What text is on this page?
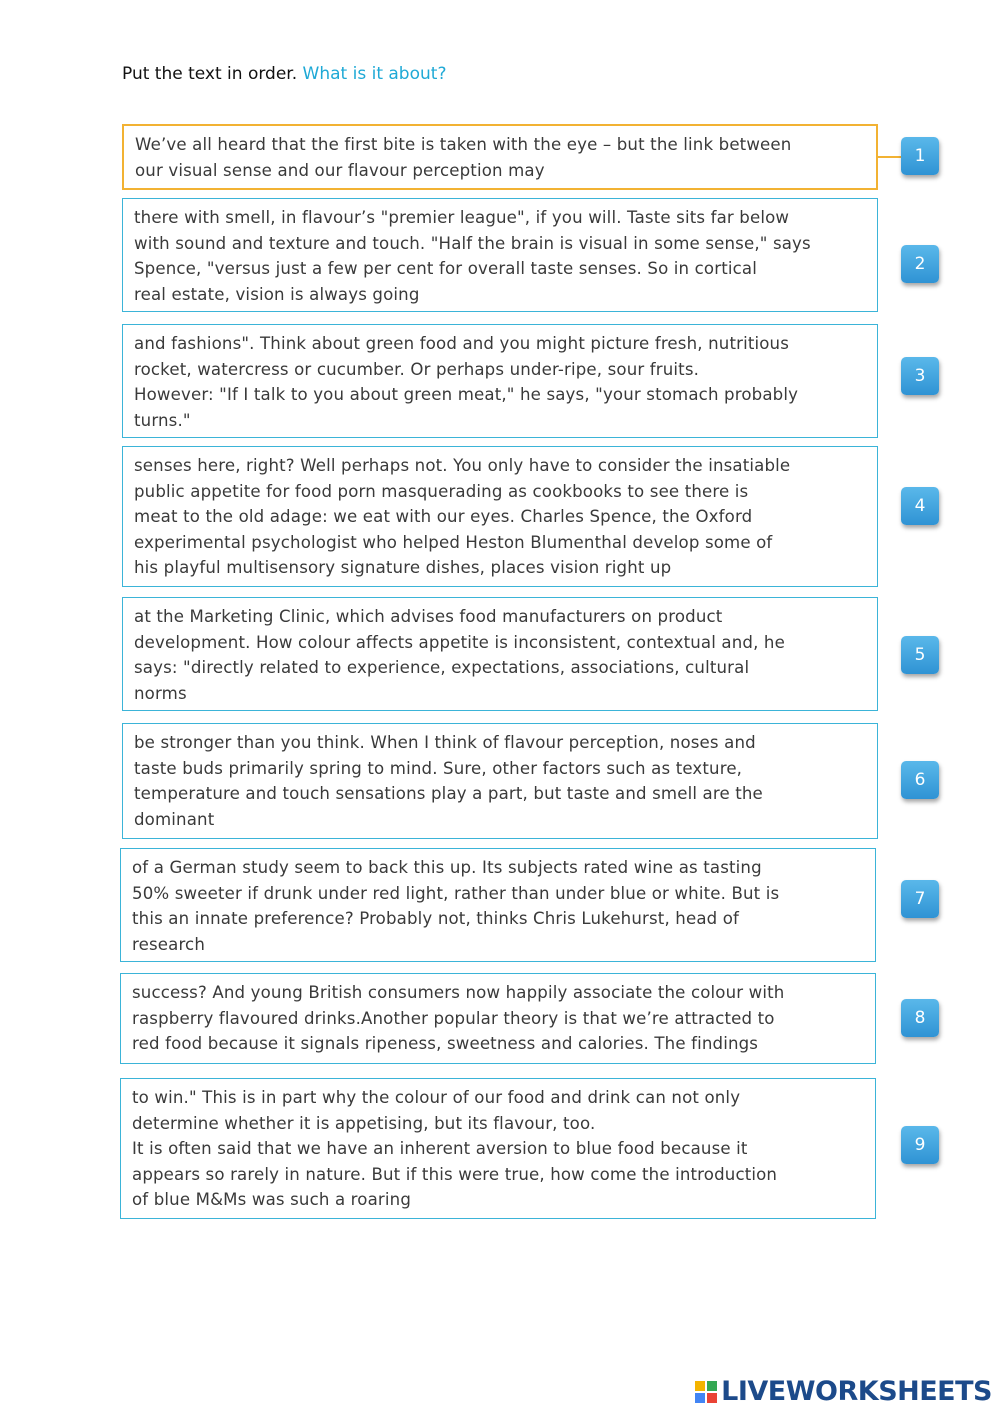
Put the text in order. What is it about?
We’ve all heard that the first bite is taken with the eye – but the link between
our visual sense and our flavour perception may
1
there with smell, in flavour’s "premier league", if you will. Taste sits far below
with sound and texture and touch. "Half the brain is visual in some sense," says
Spence, "versus just a few per cent for overall taste senses. So in cortical
real estate, vision is always going
2
and fashions". Think about green food and you might picture fresh, nutritious
rocket, watercress or cucumber. Or perhaps under-ripe, sour fruits.
However: "If I talk to you about green meat," he says, "your stomach probably
turns."
3
senses here, right? Well perhaps not. You only have to consider the insatiable
public appetite for food porn masquerading as cookbooks to see there is
meat to the old adage: we eat with our eyes. Charles Spence, the Oxford
experimental psychologist who helped Heston Blumenthal develop some of
his playful multisensory signature dishes, places vision right up
4
at the Marketing Clinic, which advises food manufacturers on product
development. How colour affects appetite is inconsistent, contextual and, he
says: "directly related to experience, expectations, associations, cultural
norms
5
be stronger than you think. When I think of flavour perception, noses and
taste buds primarily spring to mind. Sure, other factors such as texture,
temperature and touch sensations play a part, but taste and smell are the
dominant
6
of a German study seem to back this up. Its subjects rated wine as tasting
50% sweeter if drunk under red light, rather than under blue or white. But is
this an innate preference? Probably not, thinks Chris Lukehurst, head of
research
7
success? And young British consumers now happily associate the colour with
raspberry flavoured drinks.Another popular theory is that we’re attracted to
red food because it signals ripeness, sweetness and calories. The findings
8
to win." This is in part why the colour of our food and drink can not only
determine whether it is appetising, but its flavour, too.
It is often said that we have an inherent aversion to blue food because it
appears so rarely in nature. But if this were true, how come the introduction
of blue M&Ms was such a roaring
9
LIVEWORKSHEETS
